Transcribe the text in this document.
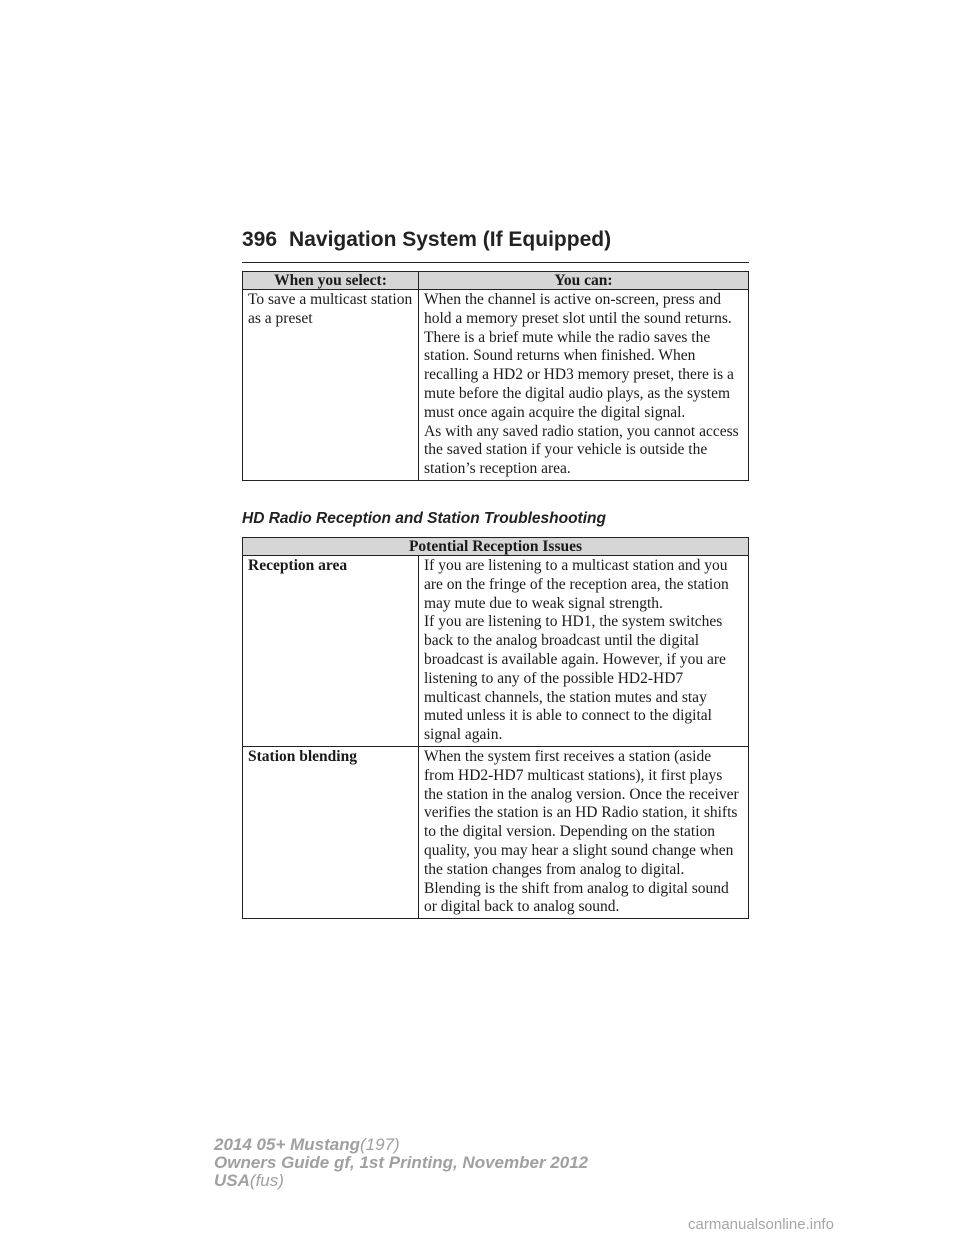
396 Navigation System (If Equipped)
When you select:	You can:
To save a multicast station as a preset	When the channel is active on-screen, press and hold a memory preset slot until the sound returns. There is a brief mute while the radio saves the station. Sound returns when finished. When recalling a HD2 or HD3 memory preset, there is a mute before the digital audio plays, as the system must once again acquire the digital signal.
As with any saved radio station, you cannot access the saved station if your vehicle is outside the station’s reception area.
HD Radio Reception and Station Troubleshooting
Potential Reception Issues	
Reception area	If you are listening to a multicast station and you are on the fringe of the reception area, the station may mute due to weak signal strength.
If you are listening to HD1, the system switches back to the analog broadcast until the digital broadcast is available again. However, if you are listening to any of the possible HD2-HD7 multicast channels, the station mutes and stay muted unless it is able to connect to the digital signal again.

Station blending	When the system first receives a station (aside from HD2-HD7 multicast stations), it first plays the station in the analog version. Once the receiver verifies the station is an HD Radio station, it shifts to the digital version. Depending on the station quality, you may hear a slight sound change when the station changes from analog to digital. Blending is the shift from analog to digital sound or digital back to analog sound.
2014 05+ Mustang(197)
Owners Guide gf, 1st Printing, November 2012
USA(fus)
carmanualsonline.info
